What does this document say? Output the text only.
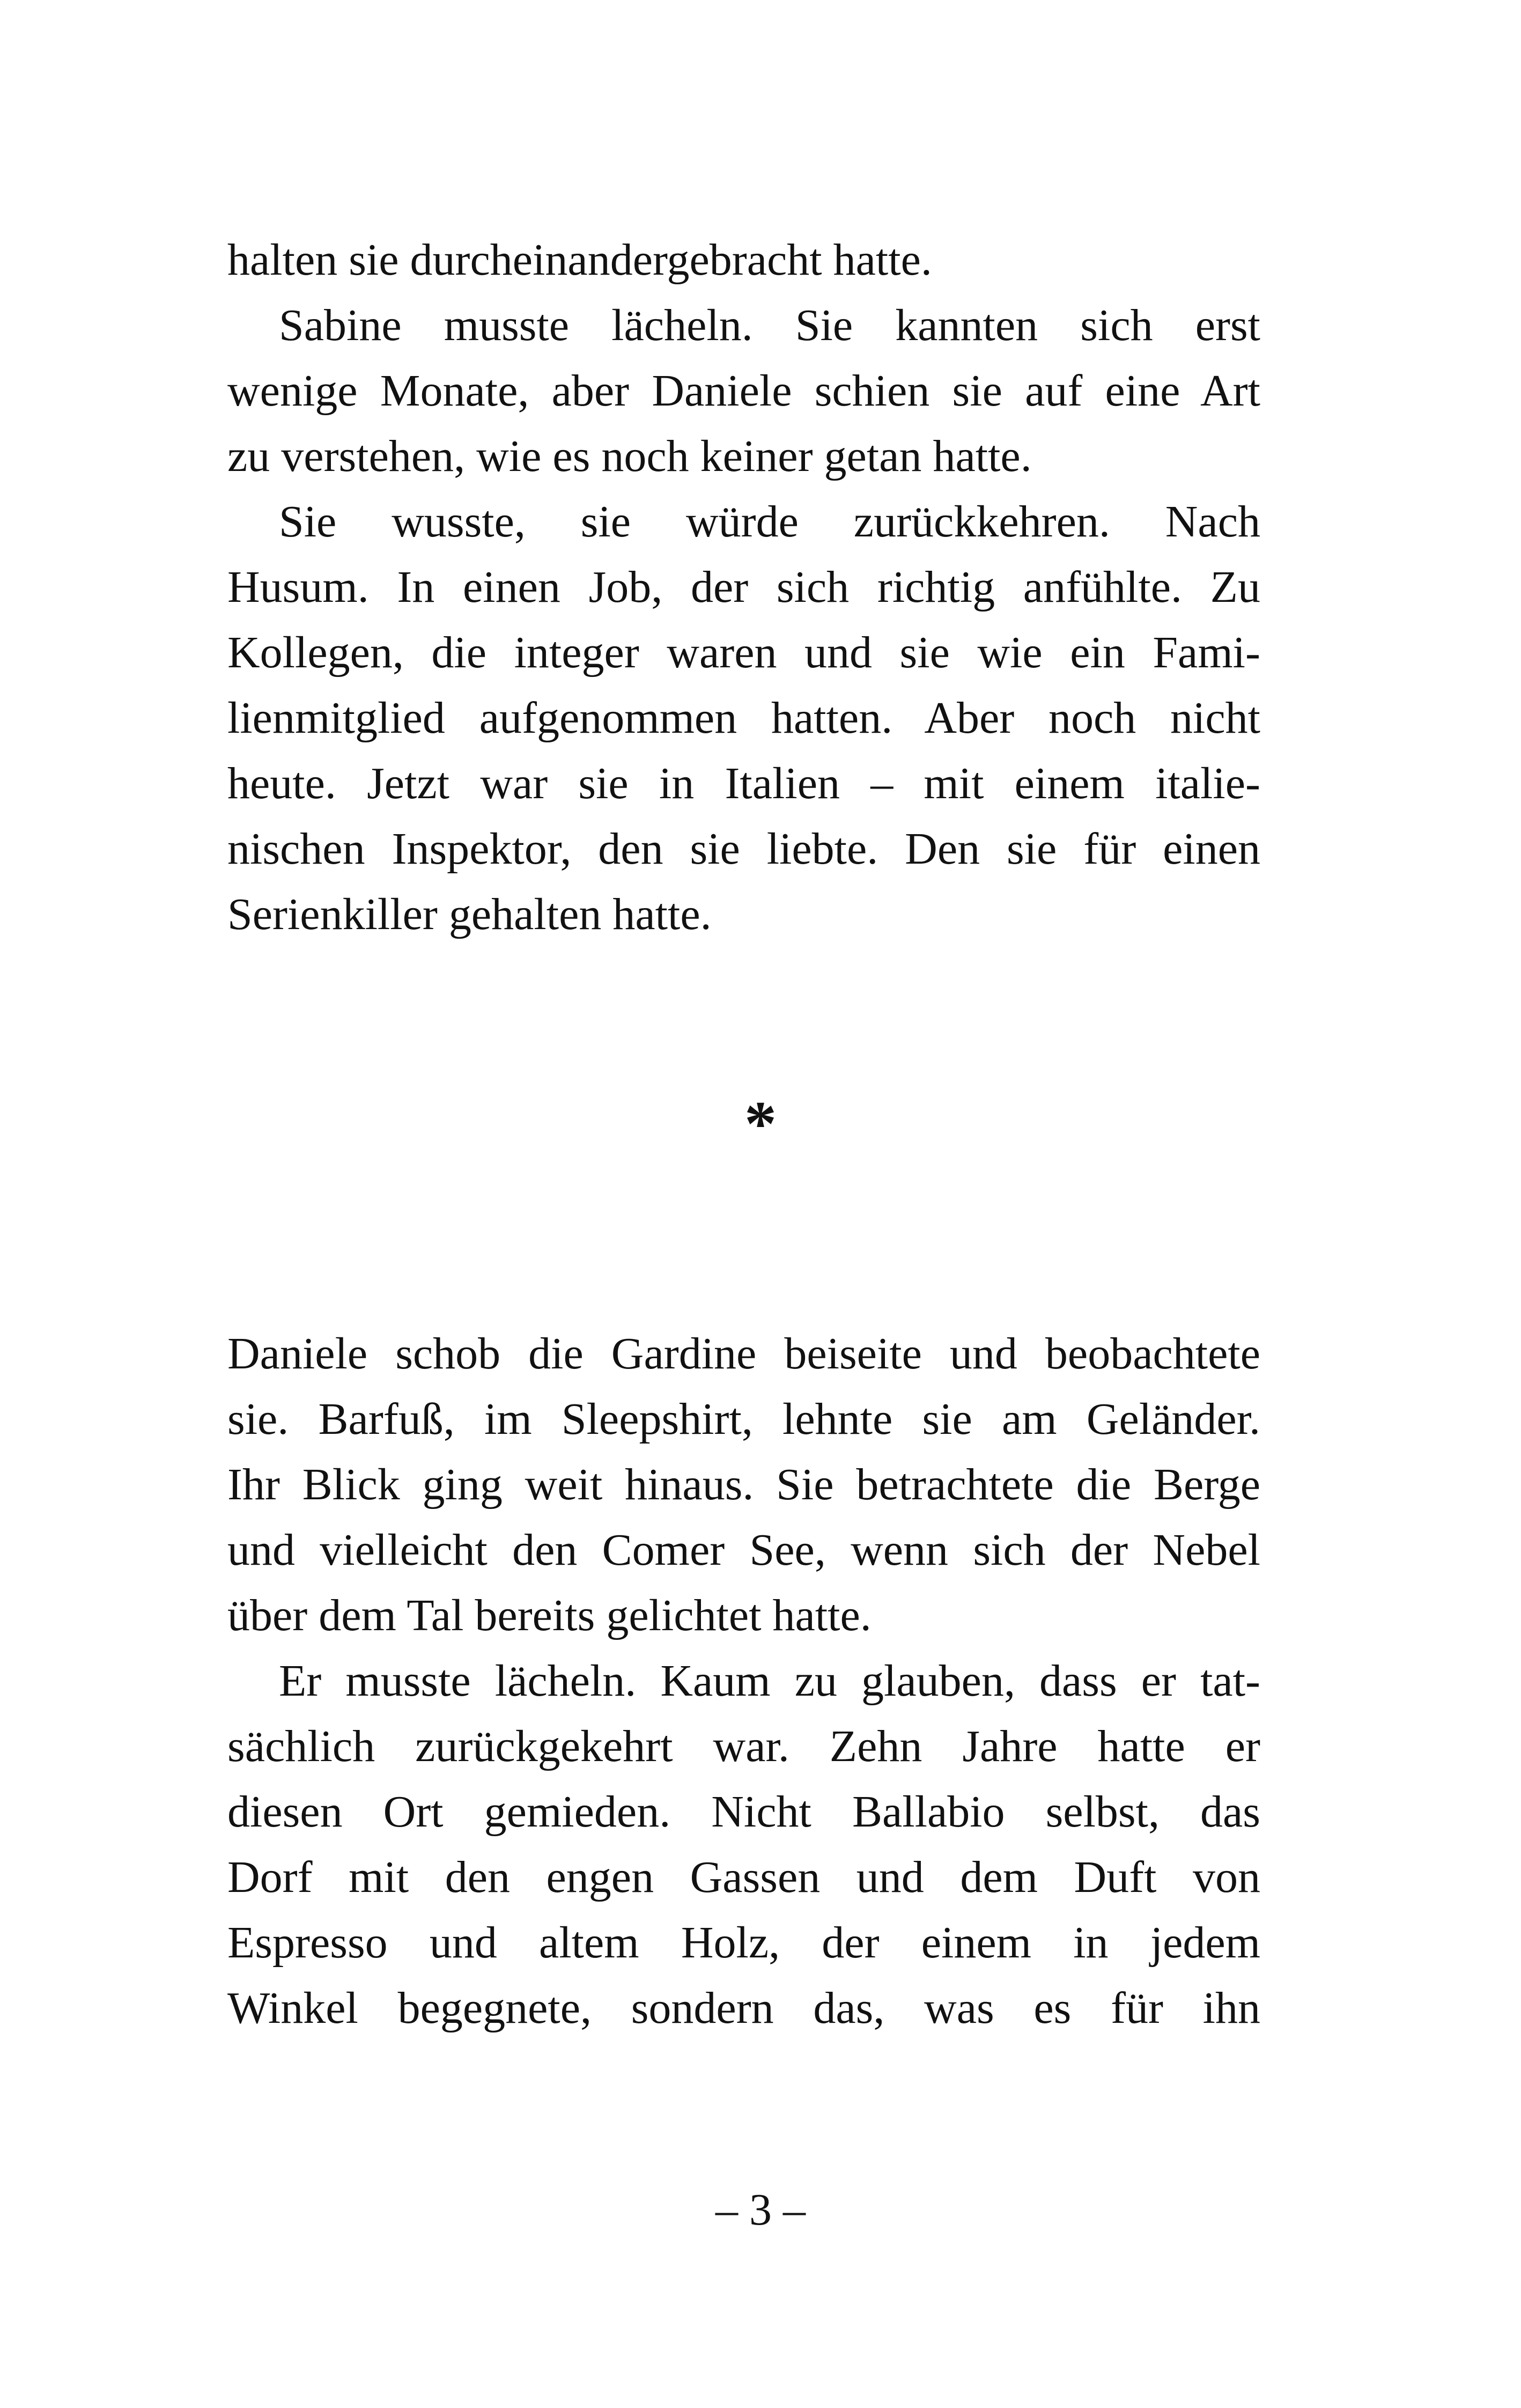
halten sie durcheinandergebracht hatte.
Sabine musste lächeln. Sie kannten sich erst
wenige Monate, aber Daniele schien sie auf eine Art
zu verstehen, wie es noch keiner getan hatte.
Sie wusste, sie würde zurückkehren. Nach
Husum. In einen Job, der sich richtig anfühlte. Zu
Kollegen, die integer waren und sie wie ein Fami-
lienmitglied aufgenommen hatten. Aber noch nicht
heute. Jetzt war sie in Italien – mit einem italie-
nischen Inspektor, den sie liebte. Den sie für einen
Serienkiller gehalten hatte.
*
Daniele schob die Gardine beiseite und beobachtete
sie. Barfuß, im Sleepshirt, lehnte sie am Geländer.
Ihr Blick ging weit hinaus. Sie betrachtete die Berge
und vielleicht den Comer See, wenn sich der Nebel
über dem Tal bereits gelichtet hatte.
Er musste lächeln. Kaum zu glauben, dass er tat-
sächlich zurückgekehrt war. Zehn Jahre hatte er
diesen Ort gemieden. Nicht Ballabio selbst, das
Dorf mit den engen Gassen und dem Duft von
Espresso und altem Holz, der einem in jedem
Winkel begegnete, sondern das, was es für ihn
– 3 –
